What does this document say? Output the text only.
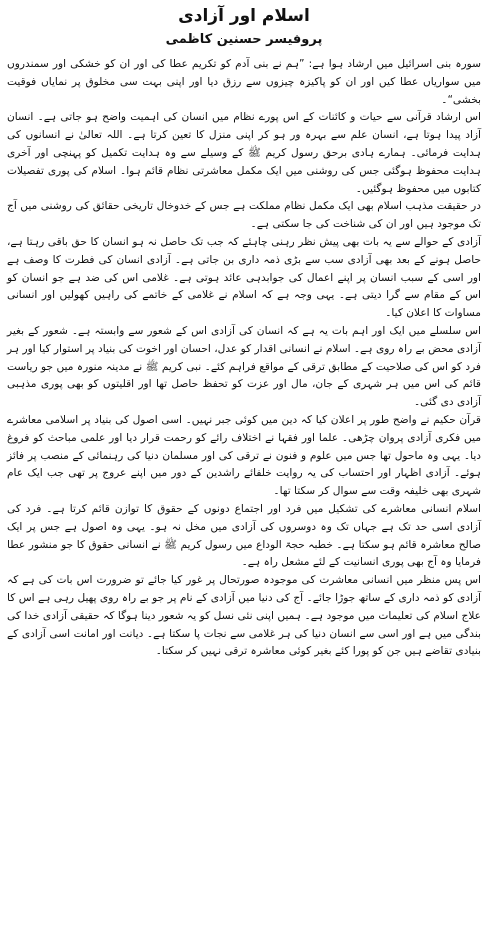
اسلام اور آزادی
پروفیسر حسنین کاظمی

سورہ بنی اسرائیل میں ارشاد ہوا ہے: ”ہم نے بنی آدم کو تکریم عطا کی اور ان کو خشکی اور سمندروں میں سواریاں عطا کیں اور ان کو پاکیزہ چیزوں سے رزق دیا اور اپنی بہت سی مخلوق پر نمایاں فوقیت بخشی“۔

اس ارشاد قرآنی سے حیات و کائنات کے اس پورے نظام میں انسان کی اہمیت واضح ہو جاتی ہے۔ انسان آزاد پیدا ہوتا ہے، انسان علم سے بہرہ ور ہو کر اپنی منزل کا تعین کرتا ہے۔ اللہ تعالیٰ نے انسانوں کی ہدایت فرمائی۔ ہمارے ہادی برحق رسول کریم ﷺ کے وسیلے سے وہ ہدایت تکمیل کو پہنچی اور آخری ہدایت محفوظ ہوگئی جس کی روشنی میں ایک مکمل معاشرتی نظام قائم ہوا۔ اسلام کی پوری تفصیلات کتابوں میں محفوظ ہوگئیں۔

در حقیقت مذہب اسلام بھی ایک مکمل نظام مملکت ہے جس کے خدوخال تاریخی حقائق کی روشنی میں آج تک موجود ہیں اور ان کی شناخت کی جا سکتی ہے۔

آزادی کے حوالے سے یہ بات بھی پیش نظر رہنی چاہئے کہ جب تک حاصل نہ ہو انسان کا حق باقی رہتا ہے، حاصل ہونے کے بعد بھی آزادی سب سے بڑی ذمہ داری بن جاتی ہے۔ آزادی انسان کی فطرت کا وصف ہے اور اسی کے سبب انسان پر اپنے اعمال کی جوابدہی عائد ہوتی ہے۔ غلامی اس کی ضد ہے جو انسان کو اس کے مقام سے گرا دیتی ہے۔ یہی وجہ ہے کہ اسلام نے غلامی کے خاتمے کی راہیں کھولیں اور انسانی مساوات کا اعلان کیا۔

اس سلسلے میں ایک اور اہم بات یہ ہے کہ انسان کی آزادی اس کے شعور سے وابستہ ہے۔ شعور کے بغیر آزادی محض بے راہ روی ہے۔ اسلام نے انسانی اقدار کو عدل، احسان اور اخوت کی بنیاد پر استوار کیا اور ہر فرد کو اس کی صلاحیت کے مطابق ترقی کے مواقع فراہم کئے۔ نبی کریم ﷺ نے مدینہ منورہ میں جو ریاست قائم کی اس میں ہر شہری کے جان، مال اور عزت کو تحفظ حاصل تھا اور اقلیتوں کو بھی پوری مذہبی آزادی دی گئی۔

قرآن حکیم نے واضح طور پر اعلان کیا کہ دین میں کوئی جبر نہیں۔ اسی اصول کی بنیاد پر اسلامی معاشرے میں فکری آزادی پروان چڑھی۔ علما اور فقہا نے اختلاف رائے کو رحمت قرار دیا اور علمی مباحث کو فروغ دیا۔ یہی وہ ماحول تھا جس میں علوم و فنون نے ترقی کی اور مسلمان دنیا کی رہنمائی کے منصب پر فائز ہوئے۔ آزادی اظہار اور احتساب کی یہ روایت خلفائے راشدین کے دور میں اپنے عروج پر تھی جب ایک عام شہری بھی خلیفہ وقت سے سوال کر سکتا تھا۔

اسلام انسانی معاشرے کی تشکیل میں فرد اور اجتماع دونوں کے حقوق کا توازن قائم کرتا ہے۔ فرد کی آزادی اسی حد تک ہے جہاں تک وہ دوسروں کی آزادی میں مخل نہ ہو۔ یہی وہ اصول ہے جس پر ایک صالح معاشرہ قائم ہو سکتا ہے۔ خطبہ حجۃ الوداع میں رسول کریم ﷺ نے انسانی حقوق کا جو منشور عطا فرمایا وہ آج بھی پوری انسانیت کے لئے مشعل راہ ہے۔

اس پس منظر میں انسانی معاشرت کی موجودہ صورتحال پر غور کیا جائے تو ضرورت اس بات کی ہے کہ آزادی کو ذمہ داری کے ساتھ جوڑا جائے۔ آج کی دنیا میں آزادی کے نام پر جو بے راہ روی پھیل رہی ہے اس کا علاج اسلام کی تعلیمات میں موجود ہے۔ ہمیں اپنی نئی نسل کو یہ شعور دینا ہوگا کہ حقیقی آزادی خدا کی بندگی میں ہے اور اسی سے انسان دنیا کی ہر غلامی سے نجات پا سکتا ہے۔ دیانت اور امانت اسی آزادی کے بنیادی تقاضے ہیں جن کو پورا کئے بغیر کوئی معاشرہ ترقی نہیں کر سکتا۔
